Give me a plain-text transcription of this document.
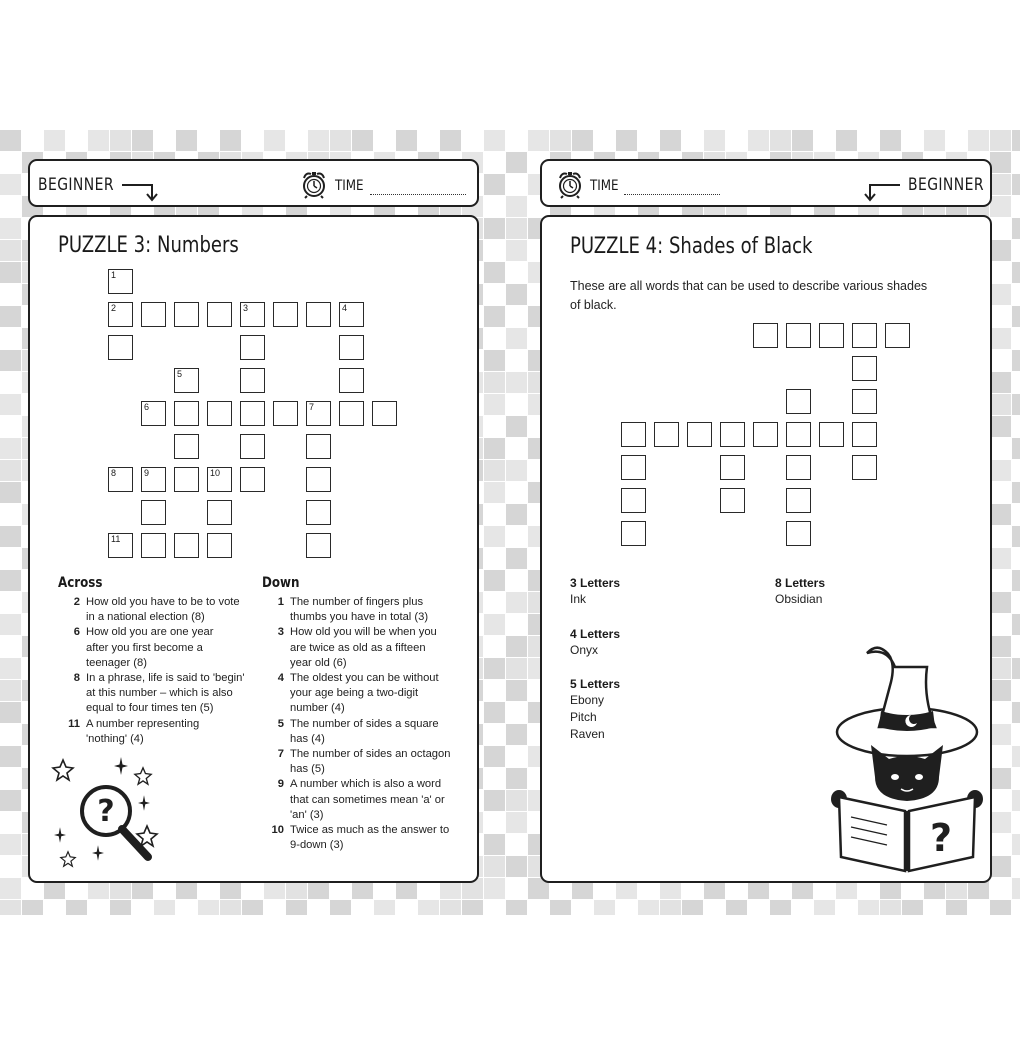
BEGINNER	TIME
PUZZLE 3: Numbers
1
2	3	4
5
6	7
8	9	10
11
Across
2 How old you have to be to vote
in a national election (8)
6 How old you are one year
after you first become a
teenager (8)
8 In a phrase, life is said to 'begin'
at this number – which is also
equal to four times ten (5)
11 A number representing
'nothing' (4)
Down
1 The number of fingers plus
thumbs you have in total (3)
3 How old you will be when you
are twice as old as a fifteen
year old (6)
4 The oldest you can be without
your age being a two-digit
number (4)
5 The number of sides a square
has (4)
7 The number of sides an octagon
has (5)
9 A number which is also a word
that can sometimes mean 'a' or
'an' (3)
10 Twice as much as the answer to
9-down (3)
?
TIME	BEGINNER
PUZZLE 4: Shades of Black
These are all words that can be used to describe various shades
of black.
3 Letters
Ink
4 Letters
Onyx
5 Letters
Ebony
Pitch
Raven
8 Letters
Obsidian
?
